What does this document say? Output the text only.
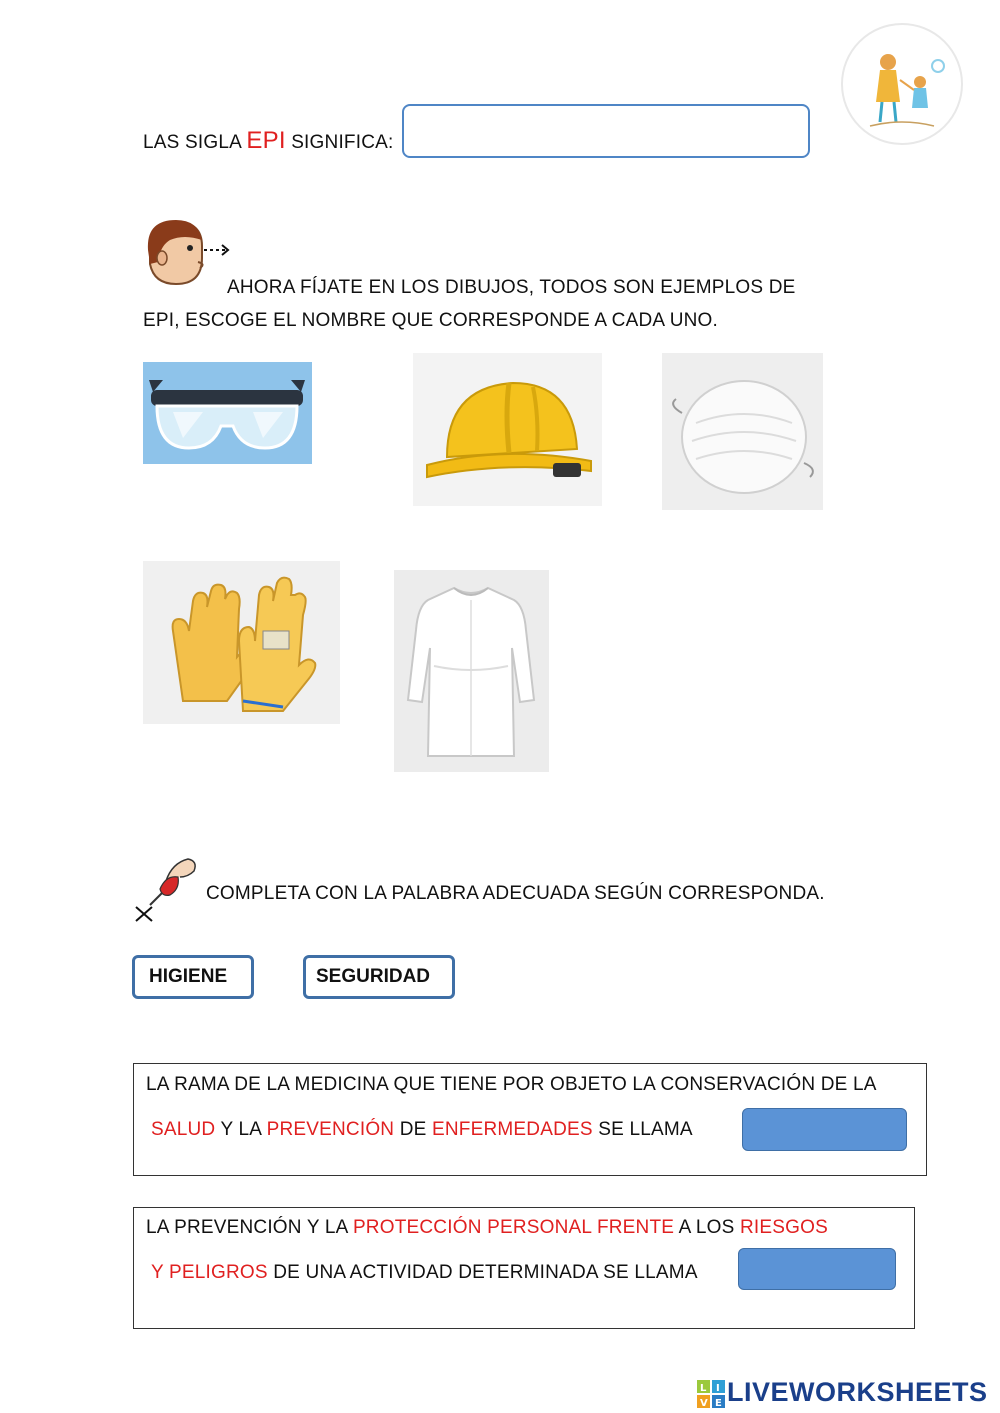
LAS SIGLA EPI SIGNIFICA:
AHORA FÍJATE EN LOS DIBUJOS, TODOS SON EJEMPLOS DE
EPI, ESCOGE EL NOMBRE QUE CORRESPONDE A CADA UNO.
COMPLETA CON LA PALABRA ADECUADA SEGÚN CORRESPONDA.
HIGIENE	SEGURIDAD
LA RAMA DE LA MEDICINA QUE TIENE POR OBJETO LA CONSERVACIÓN DE LA
SALUD Y LA PREVENCIÓN DE ENFERMEDADES SE LLAMA
LA PREVENCIÓN Y LA PROTECCIÓN PERSONAL FRENTE A LOS RIESGOS
Y PELIGROS DE UNA ACTIVIDAD DETERMINADA SE LLAMA
L I
V E LIVEWORKSHEETS
